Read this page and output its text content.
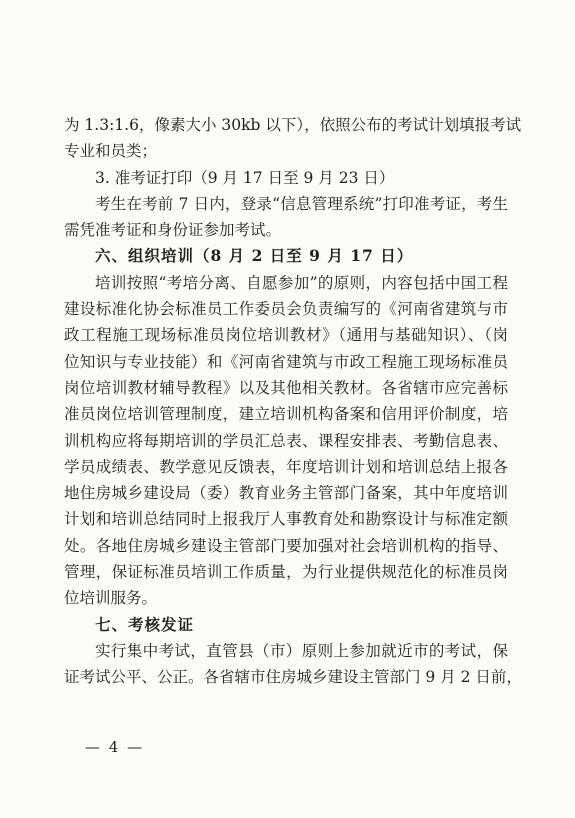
为 1.3:1.6，像素大小 30kb 以下），依照公布的考试计划填报考试
专业和员类；
3. 准考证打印（9 月 17 日至 9 月 23 日）
考生在考前 7 日内，登录“信息管理系统”打印准考证，考生
需凭准考证和身份证参加考试。
六、组织培训（8 月 2 日至 9 月 17 日）
培训按照“考培分离、自愿参加”的原则，内容包括中国工程
建设标准化协会标准员工作委员会负责编写的《河南省建筑与市
政工程施工现场标准员岗位培训教材》（通用与基础知识）、（岗
位知识与专业技能）和《河南省建筑与市政工程施工现场标准员
岗位培训教材辅导教程》以及其他相关教材。各省辖市应完善标
准员岗位培训管理制度，建立培训机构备案和信用评价制度，培
训机构应将每期培训的学员汇总表、课程安排表、考勤信息表、
学员成绩表、教学意见反馈表，年度培训计划和培训总结上报各
地住房城乡建设局（委）教育业务主管部门备案，其中年度培训
计划和培训总结同时上报我厅人事教育处和勘察设计与标准定额
处。各地住房城乡建设主管部门要加强对社会培训机构的指导、
管理，保证标准员培训工作质量，为行业提供规范化的标准员岗
位培训服务。
七、考核发证
实行集中考试，直管县（市）原则上参加就近市的考试，保
证考试公平、公正。各省辖市住房城乡建设主管部门 9 月 2 日前，
— 4 —
